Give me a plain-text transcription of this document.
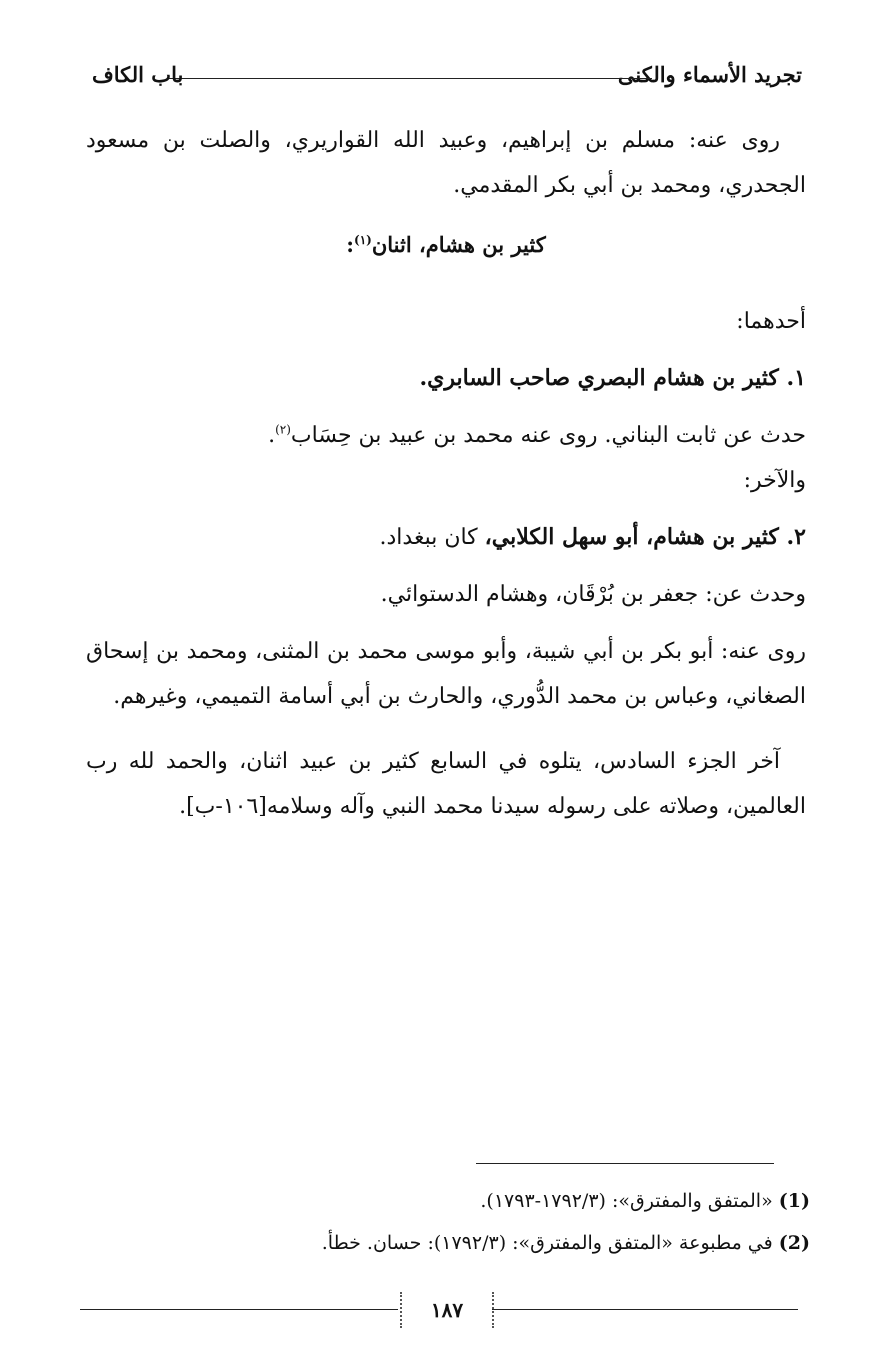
تجريد الأسماء والكنى
باب الكاف

روى عنه: مسلم بن إبراهيم، وعبيد الله القواريري، والصلت بن مسعود الجحدري، ومحمد بن أبي بكر المقدمي.

كثير بن هشام، اثنان$^{(١)}$:

أحدهما:

١. كثير بن هشام البصري صاحب السابري.

حدث عن ثابت البناني. روى عنه محمد بن عبيد بن حِسَاب$^{(٢)}$.

والآخر:

٢. كثير بن هشام، أبو سهل الكلابي، كان ببغداد.

وحدث عن: جعفر بن بُرْقَان، وهشام الدستوائي.

روى عنه: أبو بكر بن أبي شيبة، وأبو موسى محمد بن المثنى، ومحمد بن إسحاق الصغاني، وعباس بن محمد الدُّوري، والحارث بن أبي أسامة التميمي، وغيرهم.

آخر الجزء السادس، يتلوه في السابع كثير بن عبيد اثنان، والحمد لله رب العالمين، وصلاته على رسوله سيدنا محمد النبي وآله وسلامه[١٠٦-ب].

(1) «المتفق والمفترق»: (١٧٩٢/٣-١٧٩٣).

(2) في مطبوعة «المتفق والمفترق»: (١٧٩٢/٣): حسان. خطأ.

١٨٧
